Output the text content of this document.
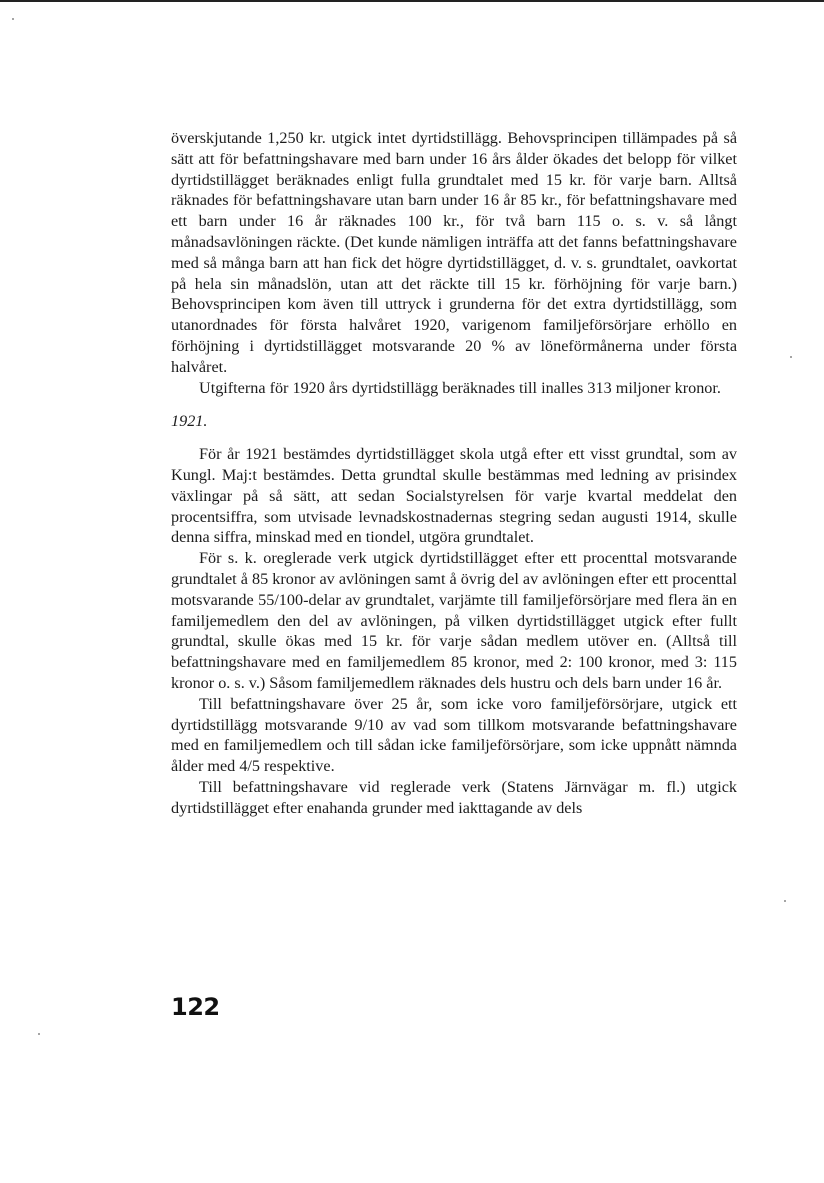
överskjutande 1,250 kr. utgick intet dyrtidstillägg. Behovsprincipen tillämpades på så sätt att för befattningshavare med barn under 16 års ålder ökades det belopp för vilket dyrtidstillägget beräknades enligt fulla grundtalet med 15 kr. för varje barn. Alltså räknades för befattningshavare utan barn under 16 år 85 kr., för befattningshavare med ett barn under 16 år räknades 100 kr., för två barn 115 o. s. v. så långt månadsavlöningen räckte. (Det kunde nämligen inträffa att det fanns befattningshavare med så många barn att han fick det högre dyrtidstillägget, d. v. s. grundtalet, oavkortat på hela sin månadslön, utan att det räckte till 15 kr. förhöjning för varje barn.) Behovsprincipen kom även till uttryck i grunderna för det extra dyrtidstillägg, som utanordnades för första halvåret 1920, varigenom familjeförsörjare erhöllo en förhöjning i dyrtidstillägget motsvarande 20 % av löneförmånerna under första halvåret.

Utgifterna för 1920 års dyrtidstillägg beräknades till inalles 313 miljoner kronor.

1921.

För år 1921 bestämdes dyrtidstillägget skola utgå efter ett visst grundtal, som av Kungl. Maj:t bestämdes. Detta grundtal skulle bestämmas med ledning av prisindex växlingar på så sätt, att sedan Socialstyrelsen för varje kvartal meddelat den procentsiffra, som utvisade levnadskostnadernas stegring sedan augusti 1914, skulle denna siffra, minskad med en tiondel, utgöra grundtalet.

För s. k. oreglerade verk utgick dyrtidstillägget efter ett procenttal motsvarande grundtalet å 85 kronor av avlöningen samt å övrig del av avlöningen efter ett procenttal motsvarande 55/100-delar av grundtalet, varjämte till familjeförsörjare med flera än en familjemedlem den del av avlöningen, på vilken dyrtidstillägget utgick efter fullt grundtal, skulle ökas med 15 kr. för varje sådan medlem utöver en. (Alltså till befattningshavare med en familjemedlem 85 kronor, med 2: 100 kronor, med 3: 115 kronor o. s. v.) Såsom familjemedlem räknades dels hustru och dels barn under 16 år.

Till befattningshavare över 25 år, som icke voro familjeförsörjare, utgick ett dyrtidstillägg motsvarande 9/10 av vad som tillkom motsvarande befattningshavare med en familjemedlem och till sådan icke familjeförsörjare, som icke uppnått nämnda ålder med 4/5 respektive.

Till befattningshavare vid reglerade verk (Statens Järnvägar m. fl.) utgick dyrtidstillägget efter enahanda grunder med iakttagande av dels

122
